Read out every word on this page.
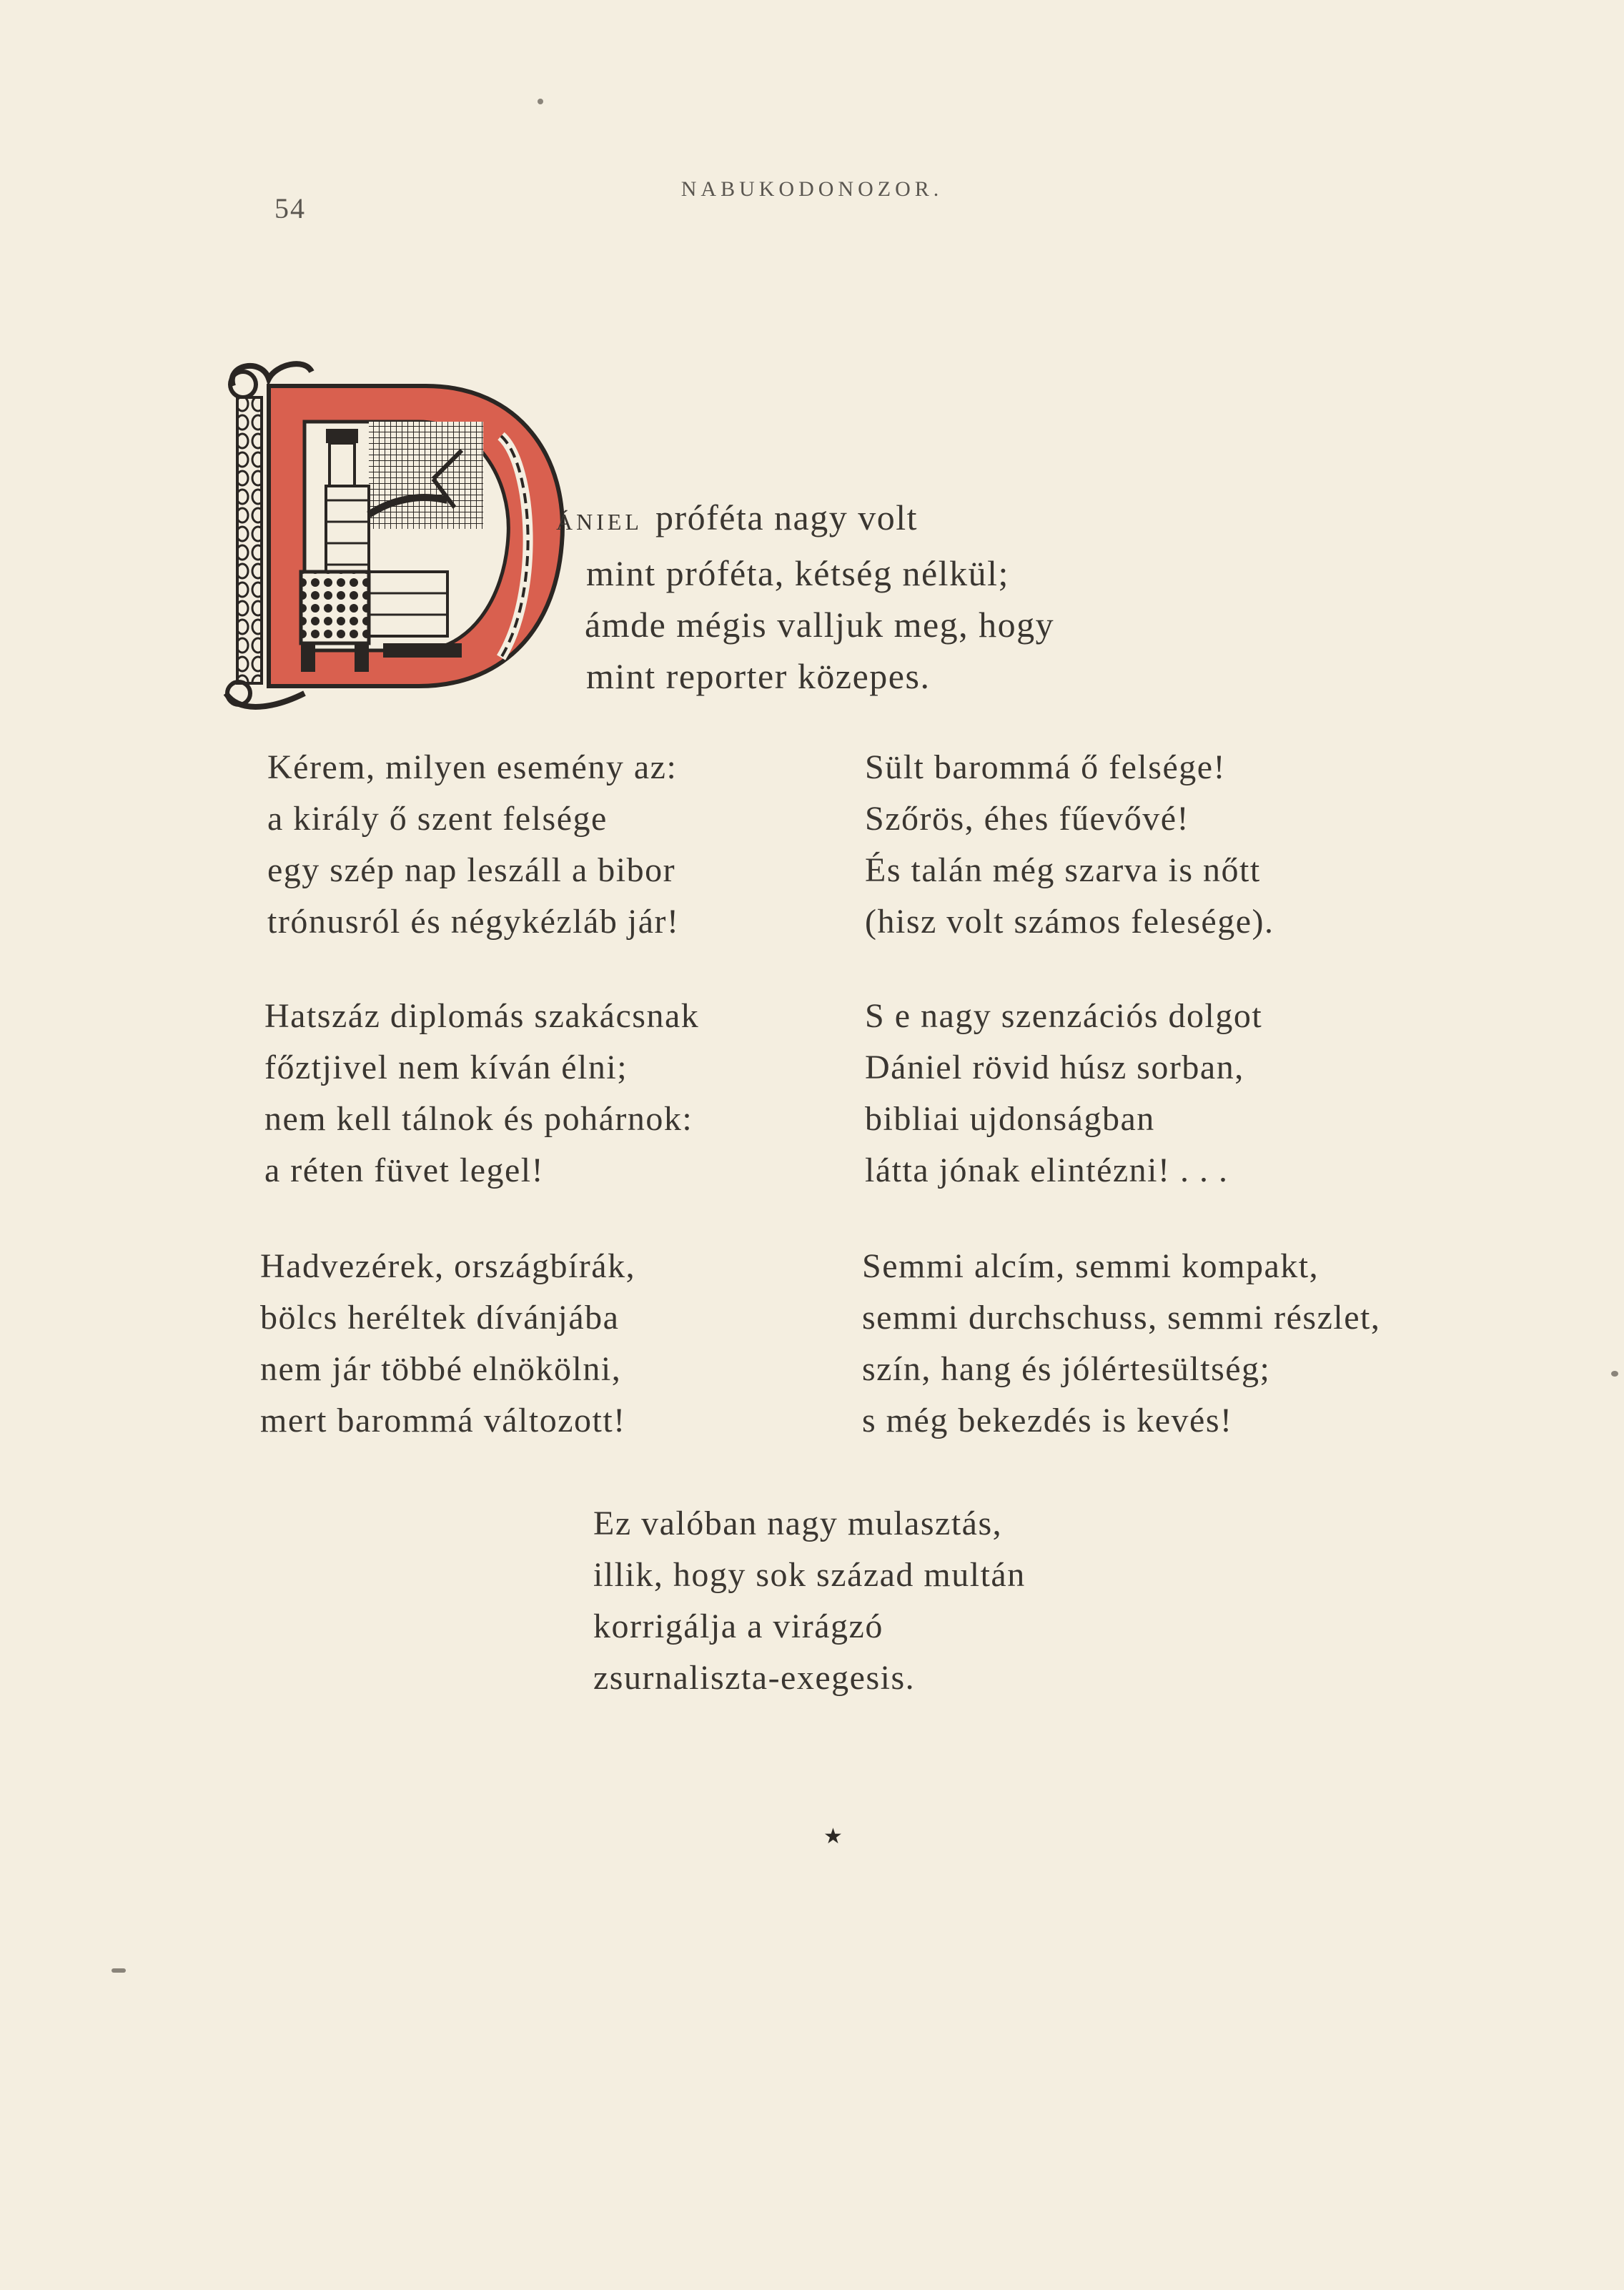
54
NABUKODONOZOR.
ÁNIEL próféta nagy volt
mint próféta, kétség nélkül;
ámde mégis valljuk meg, hogy
mint reporter közepes.
Kérem, milyen esemény az:
a király ő szent felsége
egy szép nap leszáll a bibor
trónusról és négykézláb jár!
Hatszáz diplomás szakácsnak
főztjivel nem kíván élni;
nem kell tálnok és pohárnok:
a réten füvet legel!
Hadvezérek, országbírák,
bölcs heréltek dívánjába
nem jár többé elnökölni,
mert barommá változott!
Sült barommá ő felsége!
Szőrös, éhes fűevővé!
És talán még szarva is nőtt
(hisz volt számos felesége).
S e nagy szenzációs dolgot
Dániel rövid húsz sorban,
bibliai ujdonságban
látta jónak elintézni! . . .
Semmi alcím, semmi kompakt,
semmi durchschuss, semmi részlet,
szín, hang és jólértesültség;
s még bekezdés is kevés!
Ez valóban nagy mulasztás,
illik, hogy sok század multán
korrigálja a virágzó
zsurnaliszta-exegesis.
★
